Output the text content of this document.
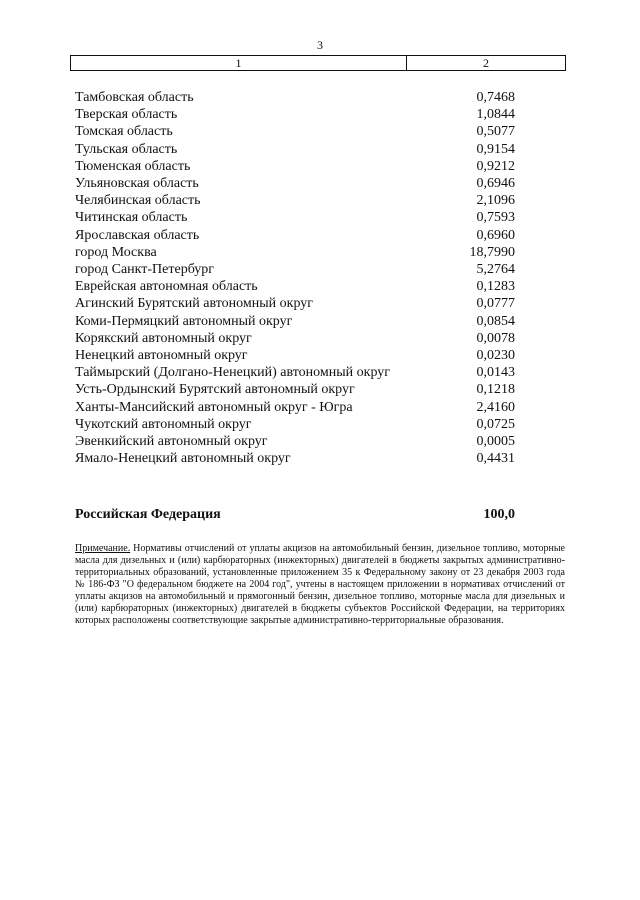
3
1	2
Тамбовская область	0,7468
Тверская область	1,0844
Томская область	0,5077
Тульская область	0,9154
Тюменская область	0,9212
Ульяновская область	0,6946
Челябинская область	2,1096
Читинская область	0,7593
Ярославская область	0,6960
город Москва	18,7990
город Санкт-Петербург	5,2764
Еврейская автономная область	0,1283
Агинский Бурятский автономный округ	0,0777
Коми-Пермяцкий автономный округ	0,0854
Корякский автономный округ	0,0078
Ненецкий автономный округ	0,0230
Таймырский (Долгано-Ненецкий) автономный округ	0,0143
Усть-Ордынский Бурятский автономный округ	0,1218
Ханты-Мансийский автономный округ - Югра	2,4160
Чукотский автономный округ	0,0725
Эвенкийский автономный округ	0,0005
Ямало-Ненецкий автономный округ	0,4431
Российская Федерация	100,0
Примечание. Нормативы отчислений от уплаты акцизов на автомобильный бензин, дизельное топливо, моторные масла для дизельных и (или) карбюраторных (инжекторных) двигателей в бюджеты закрытых административно-территориальных образований, установленные приложением 35 к Федеральному закону от 23 декабря 2003 года № 186-ФЗ "О федеральном бюджете на 2004 год", учтены в настоящем приложении в нормативах отчислений от уплаты акцизов на автомобильный и прямогонный бензин, дизельное топливо, моторные масла для дизельных и (или) карбюраторных (инжекторных) двигателей в бюджеты субъектов Российской Федерации, на территориях которых расположены соответствующие закрытые административно-территориальные образования.
